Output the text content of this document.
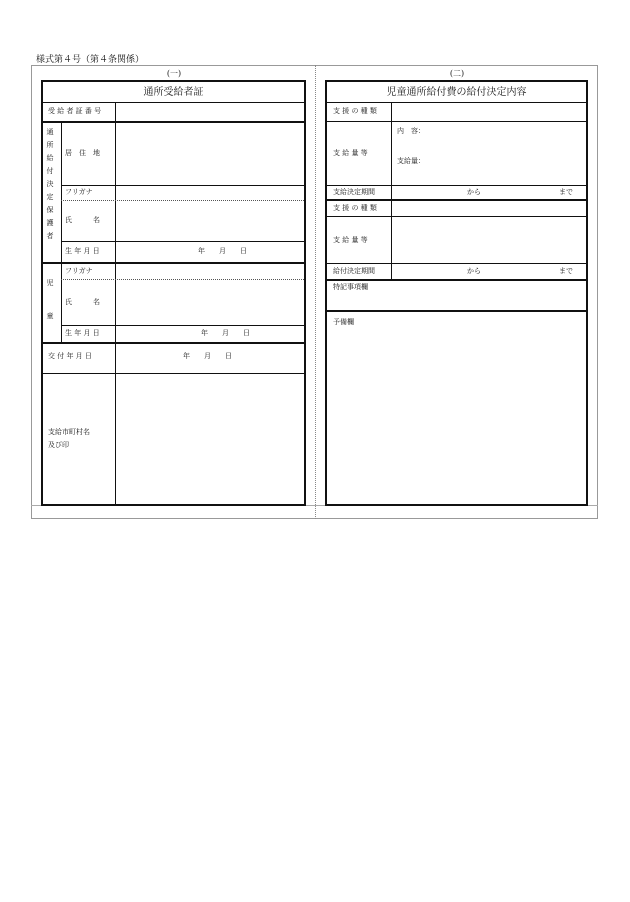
様式第４号（第４条関係）
(一)	(二)
通所受給者証
受 給 者 証 番 号
通
所
給
付
決
定
保
護
者
居　住　地
フリガナ
氏　　　名
生 年 月 日	年　　月　　日
児
童
フリガナ
氏　　　名
生 年 月 日	年　　月　　日
交 付 年 月 日	年　　月　　日
支給市町村名
及び印
児童通所給付費の給付決定内容
支 援 の 種 類
支 給 量 等
内　容：
支給量：
支給決定期間	から	まで
支 援 の 種 類
支 給 量 等
給付決定期間	から	まで
特記事項欄
予備欄
